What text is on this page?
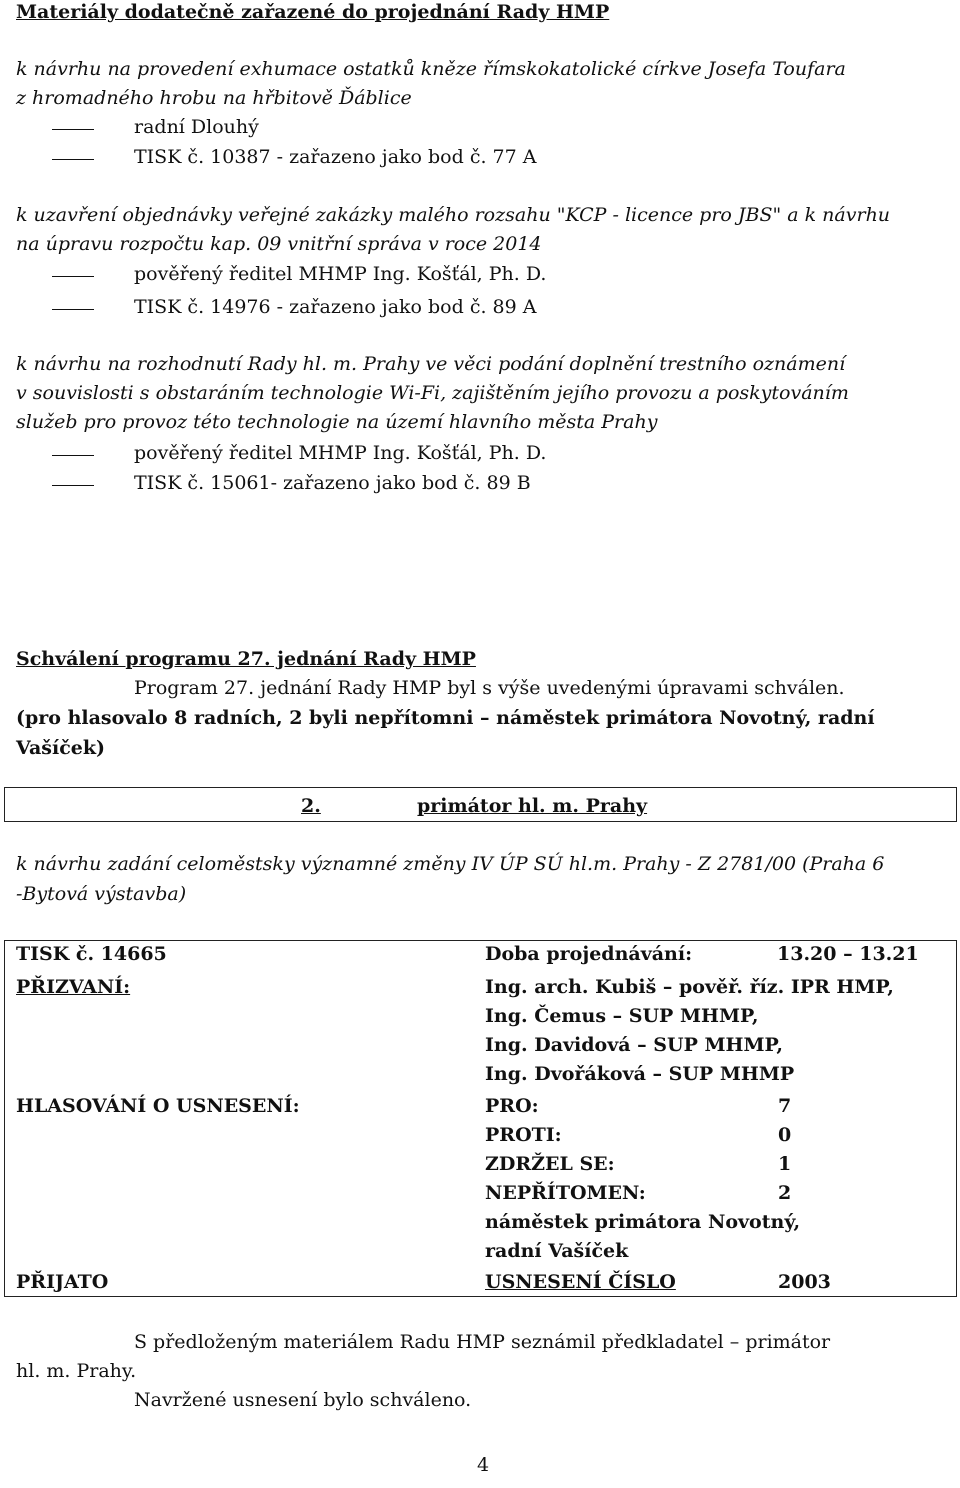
Materiály dodatečně zařazené do projednání Rady HMP
k návrhu na provedení exhumace ostatků kněze římskokatolické církve Josefa Toufara
z hromadného hrobu na hřbitově Ďáblice
radní Dlouhý
TISK č. 10387 - zařazeno jako bod č. 77 A
k uzavření objednávky veřejné zakázky malého rozsahu "KCP - licence pro JBS" a k návrhu
na úpravu rozpočtu kap. 09 vnitřní správa v roce 2014
pověřený ředitel MHMP Ing. Košťál, Ph. D.
TISK č. 14976 - zařazeno jako bod č. 89 A
k návrhu na rozhodnutí Rady hl. m. Prahy ve věci podání doplnění trestního oznámení
v souvislosti s obstaráním technologie Wi-Fi, zajištěním jejího provozu a poskytováním
služeb pro provoz této technologie na území hlavního města Prahy
pověřený ředitel MHMP Ing. Košťál, Ph. D.
TISK č. 15061- zařazeno jako bod č. 89 B
Schválení programu 27. jednání Rady HMP
Program 27. jednání Rady HMP byl s výše uvedenými úpravami schválen.
(pro hlasovalo 8 radních, 2 byli nepřítomni – náměstek primátora Novotný, radní
Vašíček)
2.	primátor hl. m. Prahy
k návrhu zadání celoměstsky významné změny IV ÚP SÚ hl.m. Prahy - Z 2781/00 (Praha 6
-Bytová výstavba)
TISK č. 14665	Doba projednávání:	13.20 – 13.21
PŘIZVANÍ:	Ing. arch. Kubiš – pověř. říz. IPR HMP,
Ing. Čemus – SUP MHMP,
Ing. Davidová – SUP MHMP,
Ing. Dvořáková – SUP MHMP
HLASOVÁNÍ O USNESENÍ:	PRO:	7
PROTI:	0
ZDRŽEL SE:	1
NEPŘÍTOMEN:	2
náměstek primátora Novotný,
radní Vašíček
PŘIJATO	USNESENÍ ČÍSLO	2003
S předloženým materiálem Radu HMP seznámil předkladatel – primátor
hl. m. Prahy.
Navržené usnesení bylo schváleno.
4
